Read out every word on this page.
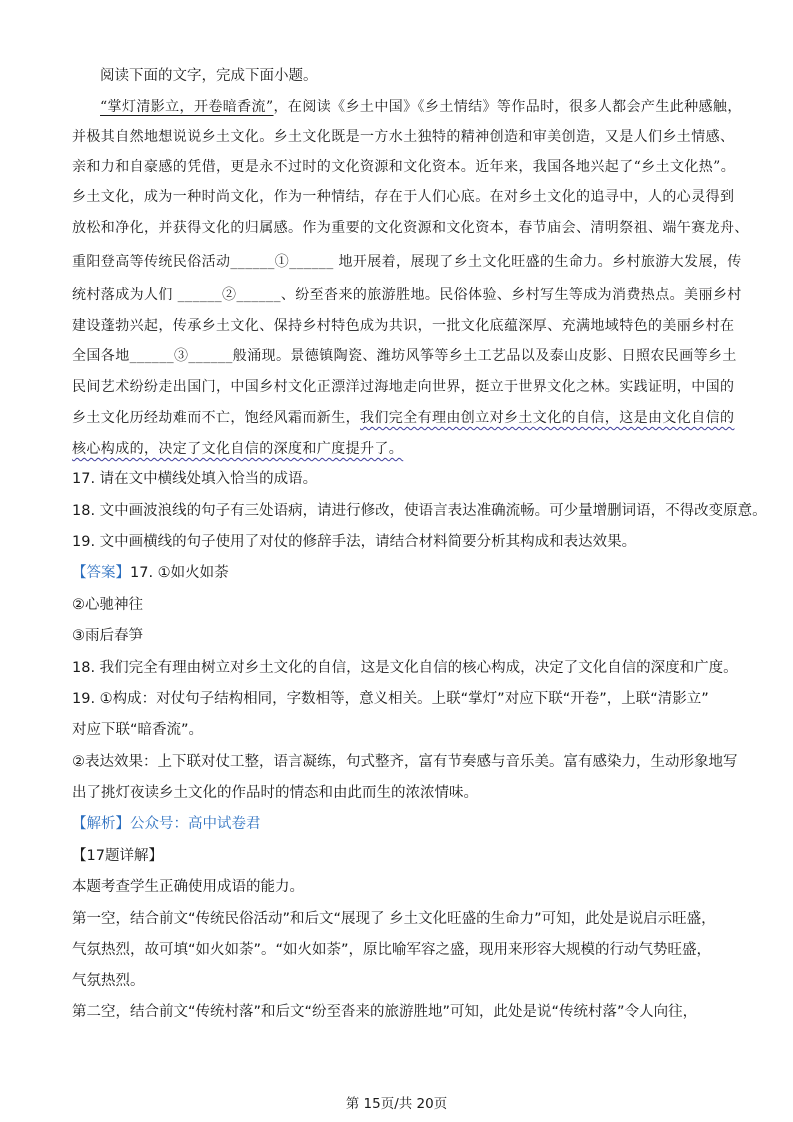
阅读下面的文字，完成下面小题。
“掌灯清影立，开卷暗香流”，在阅读《乡土中国》《乡土情结》等作品时，很多人都会产生此种感触，
并极其自然地想说说乡土文化。乡土文化既是一方水土独特的精神创造和审美创造，又是人们乡土情感、
亲和力和自豪感的凭借，更是永不过时的文化资源和文化资本。近年来，我国各地兴起了“乡土文化热”。
乡土文化，成为一种时尚文化，作为一种情结，存在于人们心底。在对乡土文化的追寻中，人的心灵得到
放松和净化，并获得文化的归属感。作为重要的文化资源和文化资本，春节庙会、清明祭祖、端午赛龙舟、
重阳登高等传统民俗活动______①______ 地开展着，展现了乡土文化旺盛的生命力。乡村旅游大发展，传
统村落成为人们 ______②______、纷至沓来的旅游胜地。民俗体验、乡村写生等成为消费热点。美丽乡村
建设蓬勃兴起，传承乡土文化、保持乡村特色成为共识，一批文化底蕴深厚、充满地域特色的美丽乡村在
全国各地______③______般涌现。景德镇陶瓷、潍坊风筝等乡土工艺品以及泰山皮影、日照农民画等乡土
民间艺术纷纷走出国门，中国乡村文化正漂洋过海地走向世界，挺立于世界文化之林。实践证明，中国的
乡土文化历经劫难而不亡，饱经风霜而新生，我们完全有理由创立对乡土文化的自信，这是由文化自信的
核心构成的，决定了文化自信的深度和广度提升了。
17. 请在文中横线处填入恰当的成语。
18. 文中画波浪线的句子有三处语病，请进行修改，使语言表达准确流畅。可少量增删词语，不得改变原意。
19. 文中画横线的句子使用了对仗的修辞手法，请结合材料简要分析其构成和表达效果。
【答案】17. ①如火如荼
②心驰神往
③雨后春笋
18. 我们完全有理由树立对乡土文化的自信，这是文化自信的核心构成，决定了文化自信的深度和广度。
19. ①构成：对仗句子结构相同，字数相等，意义相关。上联“掌灯”对应下联“开卷”，上联“清影立”
对应下联“暗香流”。
②表达效果：上下联对仗工整，语言凝练，句式整齐，富有节奏感与音乐美。富有感染力，生动形象地写
出了挑灯夜读乡土文化的作品时的情态和由此而生的浓浓情味。
【解析】公众号：高中试卷君
【17题详解】
本题考查学生正确使用成语的能力。
第一空，结合前文“传统民俗活动”和后文“展现了 乡土文化旺盛的生命力”可知，此处是说启示旺盛，
气氛热烈，故可填“如火如荼”。“如火如荼”，原比喻军容之盛，现用来形容大规模的行动气势旺盛，
气氛热烈。
第二空，结合前文“传统村落”和后文“纷至沓来的旅游胜地”可知，此处是说“传统村落”令人向往，
第 15页/共 20页
